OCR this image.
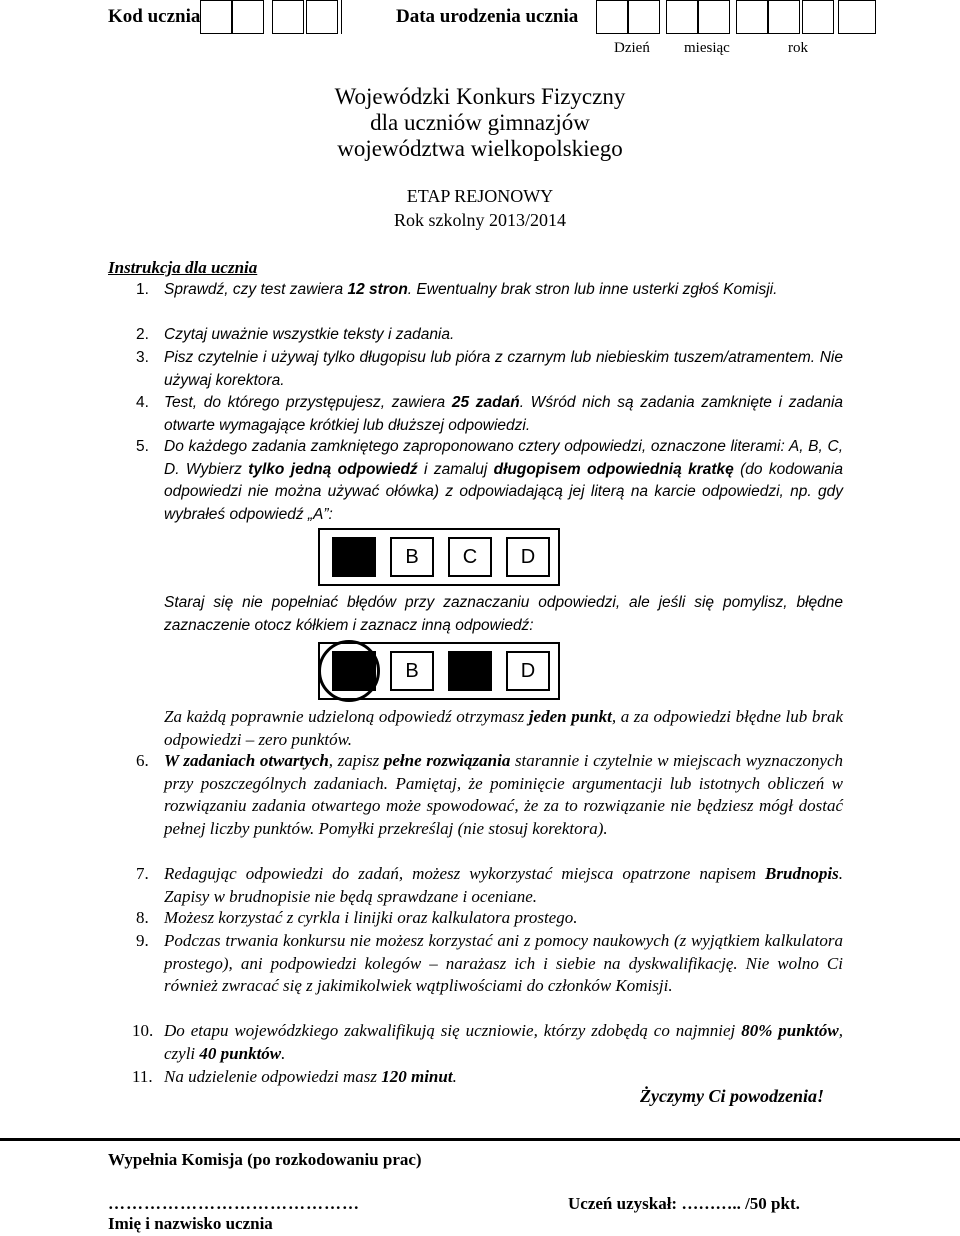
Kod ucznia	Data urodzenia ucznia
Dzień miesiąc	rok
Wojewódzki Konkurs Fizyczny
dla uczniów gimnazjów
województwa wielkopolskiego
ETAP REJONOWY
Rok szkolny 2013/2014
Instrukcja dla ucznia
1. Sprawdź, czy test zawiera 12 stron. Ewentualny brak stron lub inne usterki zgłoś Komisji.
2. Czytaj uważnie wszystkie teksty i zadania.
3. Pisz czytelnie i używaj tylko długopisu lub pióra z czarnym lub niebieskim tuszem/atramentem. Nie używaj korektora.
4. Test, do którego przystępujesz, zawiera 25 zadań. Wśród nich są zadania zamknięte i zadania otwarte wymagające krótkiej lub dłuższej odpowiedzi.
5. Do każdego zadania zamkniętego zaproponowano cztery odpowiedzi, oznaczone literami: A, B, C, D. Wybierz tylko jedną odpowiedź i zamaluj długopisem odpowiednią kratkę (do kodowania odpowiedzi nie można używać ołówka) z odpowiadającą jej literą na karcie odpowiedzi, np. gdy wybrałeś odpowiedź „A”:
B	C	D
Staraj się nie popełniać błędów przy zaznaczaniu odpowiedzi, ale jeśli się pomylisz, błędne zaznaczenie otocz kółkiem i zaznacz inną odpowiedź:
B	D
Za każdą poprawnie udzieloną odpowiedź otrzymasz jeden punkt, a za odpowiedzi błędne lub brak odpowiedzi – zero punktów.
6. W zadaniach otwartych, zapisz pełne rozwiązania starannie i czytelnie w miejscach wyznaczonych przy poszczególnych zadaniach. Pamiętaj, że pominięcie argumentacji lub istotnych obliczeń w rozwiązaniu zadania otwartego może spowodować, że za to rozwiązanie nie będziesz mógł dostać pełnej liczby punktów. Pomyłki przekreślaj (nie stosuj korektora).
7. Redagując odpowiedzi do zadań, możesz wykorzystać miejsca opatrzone napisem Brudnopis. Zapisy w brudnopisie nie będą sprawdzane i oceniane.
8. Możesz korzystać z cyrkla i linijki oraz kalkulatora prostego.
9. Podczas trwania konkursu nie możesz korzystać ani z pomocy naukowych (z wyjątkiem kalkulatora prostego), ani podpowiedzi kolegów – narażasz ich i siebie na dyskwalifikację. Nie wolno Ci również zwracać się z jakimikolwiek wątpliwościami do członków Komisji.
10. Do etapu wojewódzkiego zakwalifikują się uczniowie, którzy zdobędą co najmniej 80% punktów, czyli 40 punktów.
11. Na udzielenie odpowiedzi masz 120 minut.
Życzymy Ci powodzenia!
Wypełnia Komisja (po rozkodowaniu prac)
……………………………………
Imię i nazwisko ucznia
Uczeń uzyskał: ……….. /50 pkt.
